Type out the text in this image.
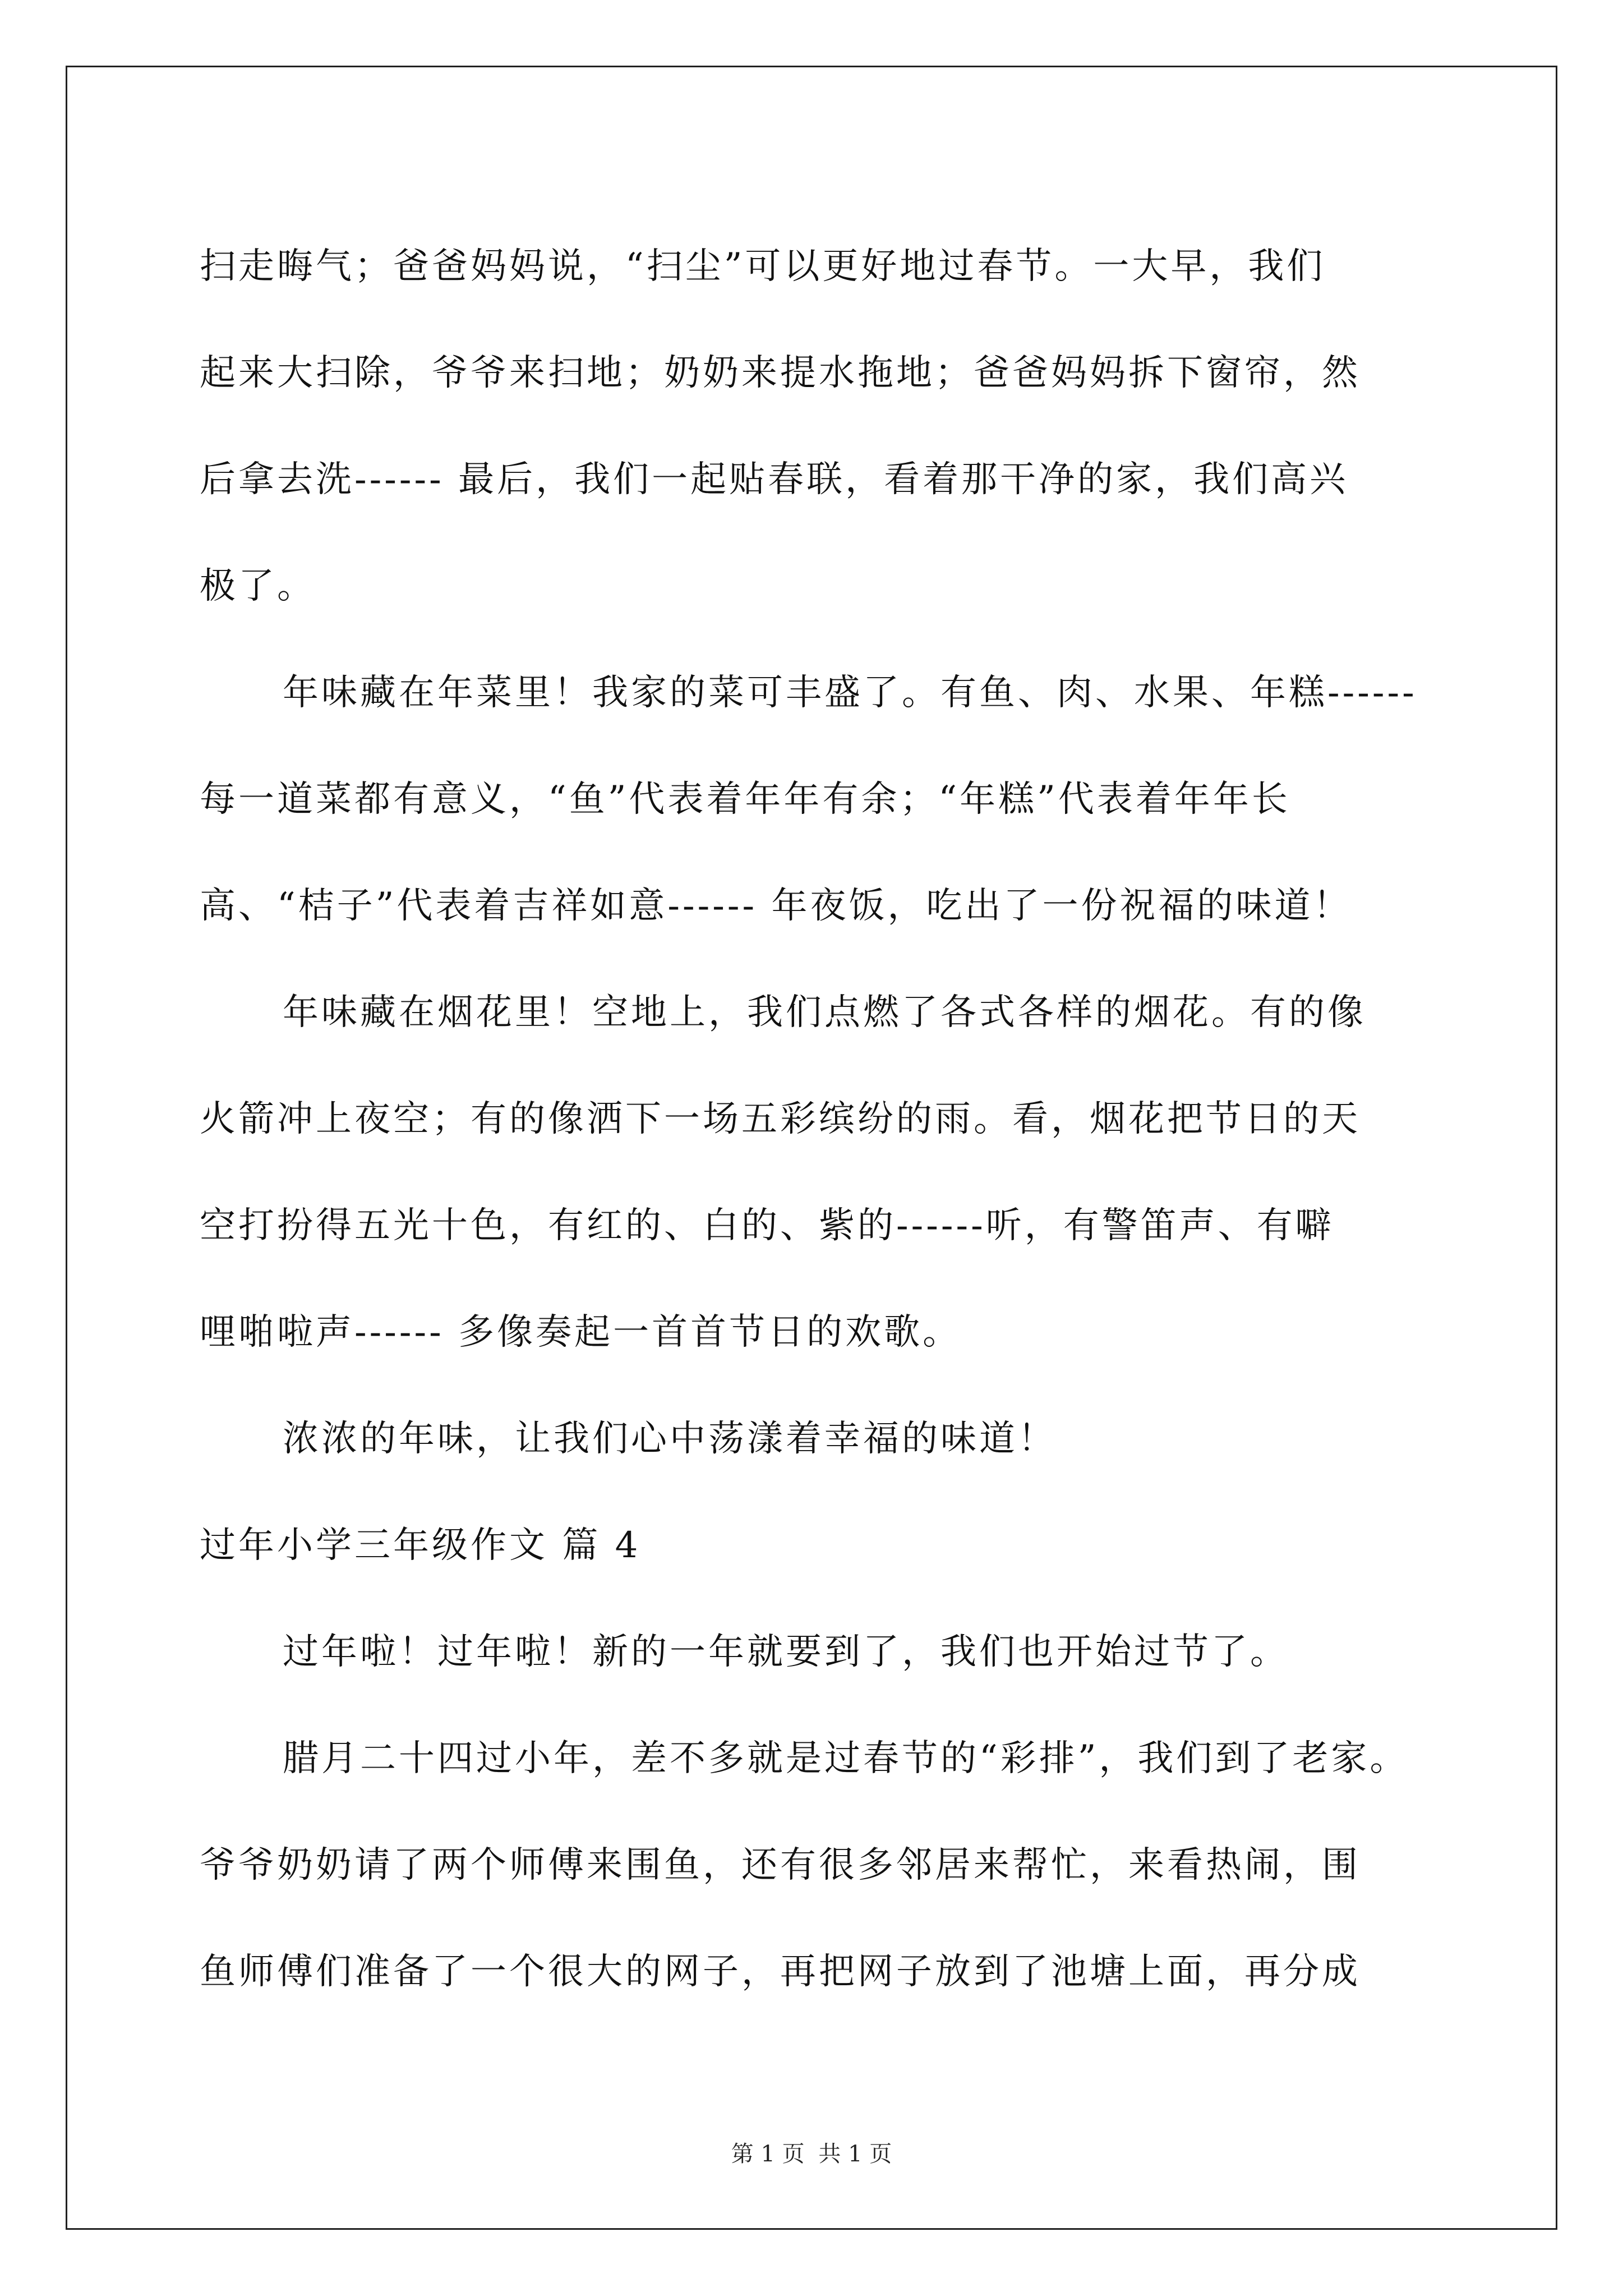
扫走晦气；爸爸妈妈说，“扫尘”可以更好地过春节。一大早，我们
起来大扫除，爷爷来扫地；奶奶来提水拖地；爸爸妈妈拆下窗帘，然
后拿去洗------ 最后，我们一起贴春联，看着那干净的家，我们高兴
极了。
年味藏在年菜里！我家的菜可丰盛了。有鱼、肉、水果、年糕------
每一道菜都有意义，“鱼”代表着年年有余；“年糕”代表着年年长
高、“桔子”代表着吉祥如意------ 年夜饭，吃出了一份祝福的味道！
年味藏在烟花里！空地上，我们点燃了各式各样的烟花。有的像
火箭冲上夜空；有的像洒下一场五彩缤纷的雨。看，烟花把节日的天
空打扮得五光十色，有红的、白的、紫的------听，有警笛声、有噼
哩啪啦声------ 多像奏起一首首节日的欢歌。
浓浓的年味，让我们心中荡漾着幸福的味道！
过年小学三年级作文 篇 4
过年啦！过年啦！新的一年就要到了，我们也开始过节了。
腊月二十四过小年，差不多就是过春节的“彩排”，我们到了老家。
爷爷奶奶请了两个师傅来围鱼，还有很多邻居来帮忙，来看热闹，围
鱼师傅们准备了一个很大的网子，再把网子放到了池塘上面，再分成
第 1 页 共 1 页
